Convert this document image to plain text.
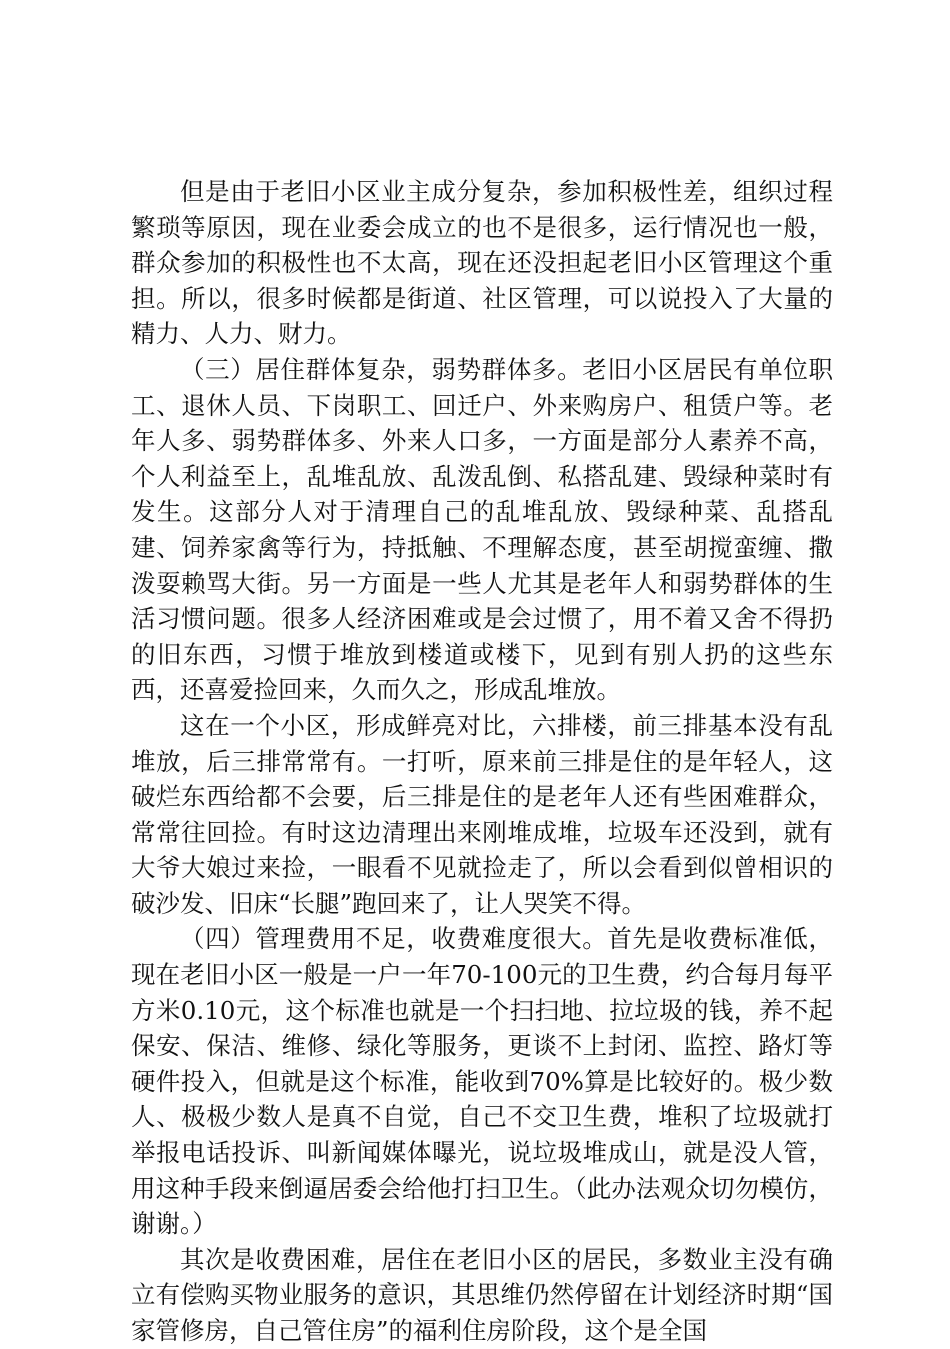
但是由于老旧小区业主成分复杂，参加积极性差，组织过程繁琐等原因，现在业委会成立的也不是很多，运行情况也一般，群众参加的积极性也不太高，现在还没担起老旧小区管理这个重担。所以，很多时候都是街道、社区管理，可以说投入了大量的精力、人力、财力。

（三）居住群体复杂，弱势群体多。老旧小区居民有单位职工、退休人员、下岗职工、回迁户、外来购房户、租赁户等。老年人多、弱势群体多、外来人口多，一方面是部分人素养不高，个人利益至上，乱堆乱放、乱泼乱倒、私搭乱建、毁绿种菜时有发生。这部分人对于清理自己的乱堆乱放、毁绿种菜、乱搭乱建、饲养家禽等行为，持抵触、不理解态度，甚至胡搅蛮缠、撒泼耍赖骂大街。另一方面是一些人尤其是老年人和弱势群体的生活习惯问题。很多人经济困难或是会过惯了，用不着又舍不得扔的旧东西，习惯于堆放到楼道或楼下，见到有别人扔的这些东西，还喜爱捡回来，久而久之，形成乱堆放。

这在一个小区，形成鲜亮对比，六排楼，前三排基本没有乱堆放，后三排常常有。一打听，原来前三排是住的是年轻人，这破烂东西给都不会要，后三排是住的是老年人还有些困难群众，常常往回捡。有时这边清理出来刚堆成堆，垃圾车还没到，就有大爷大娘过来捡，一眼看不见就捡走了，所以会看到似曾相识的破沙发、旧床“长腿”跑回来了，让人哭笑不得。

（四）管理费用不足，收费难度很大。首先是收费标准低，现在老旧小区一般是一户一年70-100元的卫生费，约合每月每平方米0.10元，这个标准也就是一个扫扫地、拉垃圾的钱，养不起保安、保洁、维修、绿化等服务，更谈不上封闭、监控、路灯等硬件投入，但就是这个标准，能收到70%算是比较好的。极少数人、极极少数人是真不自觉，自己不交卫生费，堆积了垃圾就打举报电话投诉、叫新闻媒体曝光，说垃圾堆成山，就是没人管，用这种手段来倒逼居委会给他打扫卫生。（此办法观众切勿模仿，谢谢。）

其次是收费困难，居住在老旧小区的居民，多数业主没有确立有偿购买物业服务的意识，其思维仍然停留在计划经济时期“国家管修房，自己管住房”的福利住房阶段，这个是全国
